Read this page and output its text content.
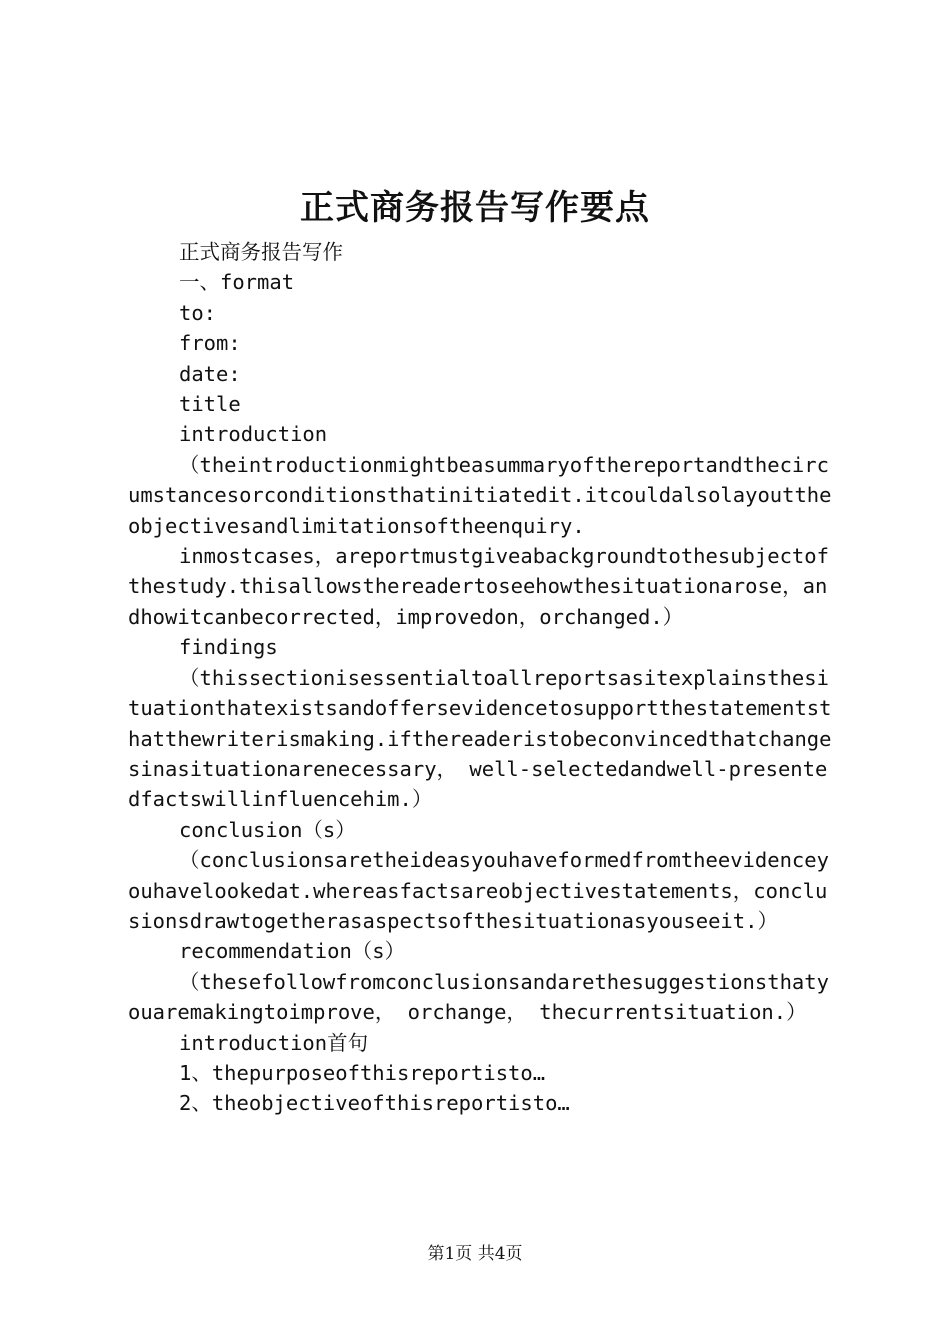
正式商务报告写作要点

正式商务报告写作

一、format

to:

from:

date:

title

introduction

（theintroductionmightbeasummaryofthereportandthecircumstancesorconditionsthatinitiatedit.itcouldalsolayouttheobjectivesandlimitationsoftheenquiry.

inmostcases，areportmustgiveabackgroundtothesubjectofthestudy.thisallowsthereadertoseehowthesituationarose，andhowitcanbecorrected，improvedon，orchanged.）

findings

（thissectionisessentialtoallreportsasitexplainsthesituationthatexistsandoffersevidencetosupportthestatementsthatthewriterismaking.ifthereaderistobeconvincedthatchangesinasituationarenecessary， well-selectedandwell-presentedfactswillinfluencehim.）

conclusion（s）

（conclusionsaretheideasyouhaveformedfromtheevidenceyouhavelookedat.whereasfactsareobjectivestatements，conclusionsdrawtogetherasaspectsofthesituationasyouseeit.）

recommendation（s）

（thesefollowfromconclusionsandarethesuggestionsthatyouaremakingtoimprove， orchange， thecurrentsituation.）

introduction首句

1、thepurposeofthisreportisto…

2、theobjectiveofthisreportisto…

第1页 共4页
